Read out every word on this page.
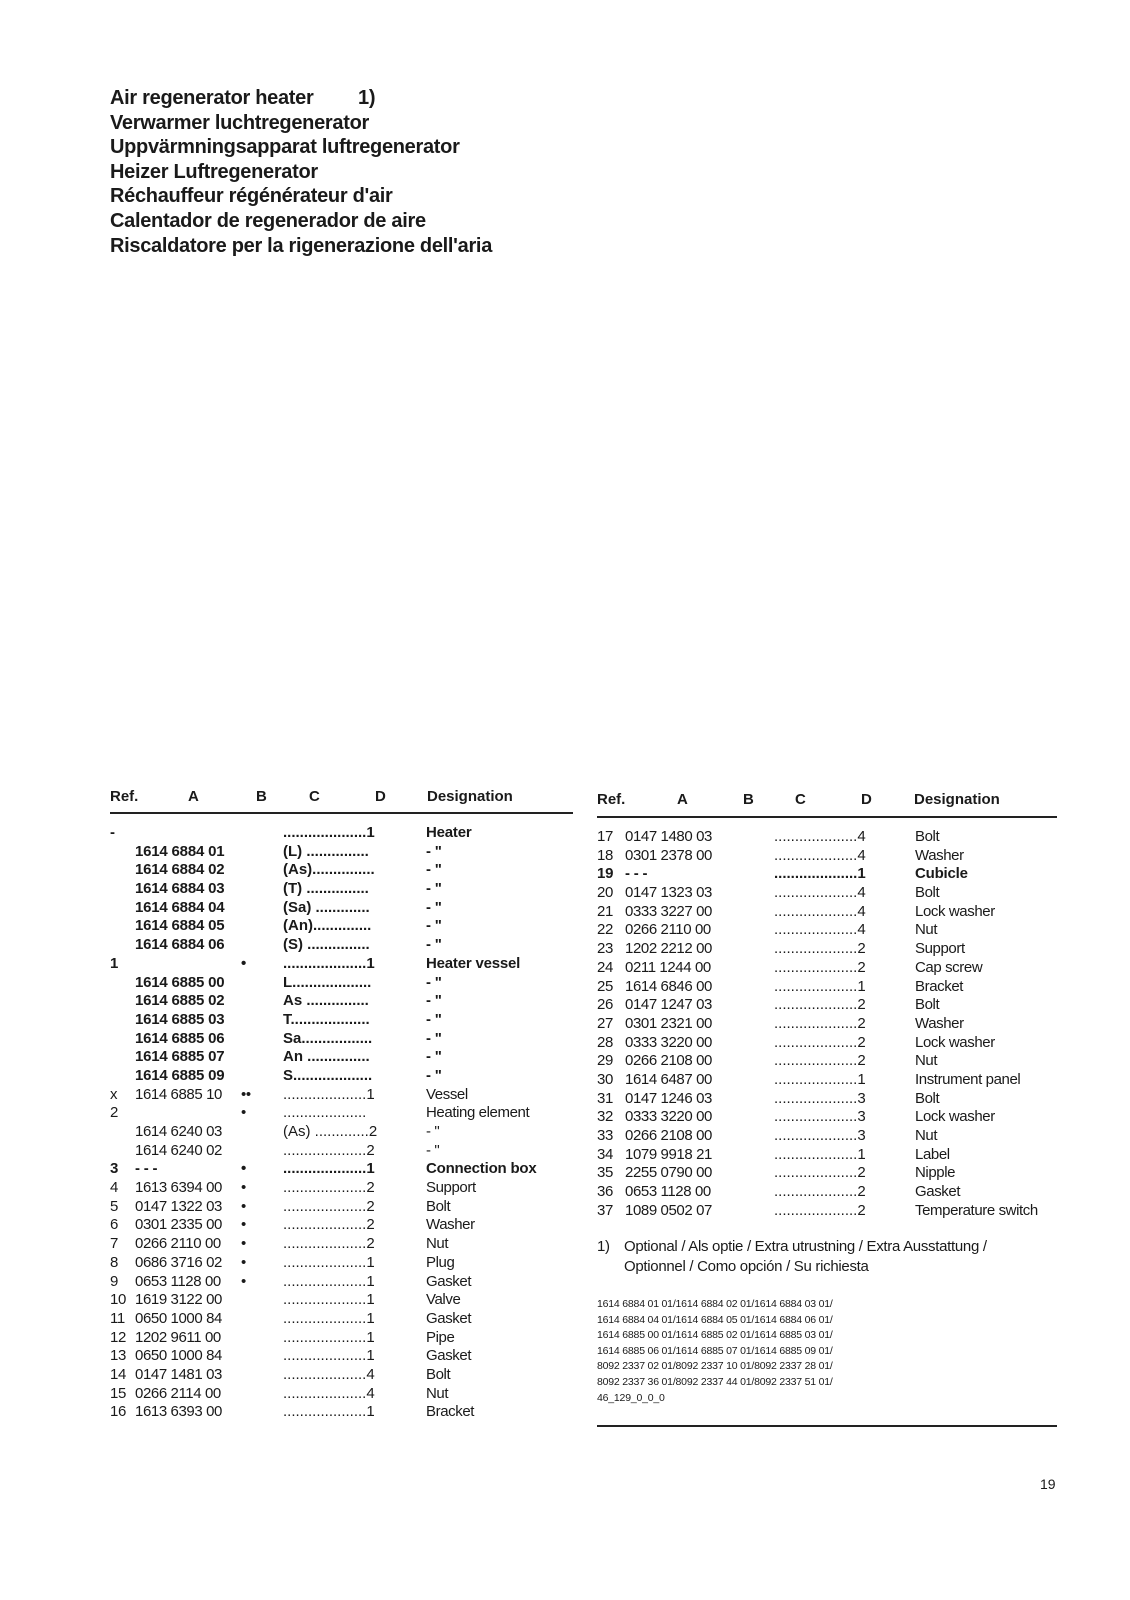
Air regenerator heater	1)
Verwarmer luchtregenerator
Uppvärmningsapparat luftregenerator
Heizer Luftregenerator
Réchauffeur régénérateur d'air
Calentador de regenerador de aire
Riscaldatore per la rigenerazione dell'aria
Ref.	A	B	C	D	Designation
-	....................1	Heater
1614 6884 01	(L) ...............	- "
1614 6884 02	(As)...............	- "
1614 6884 03	(T) ...............	- "
1614 6884 04	(Sa) .............	- "
1614 6884 05	(An)..............	- "
1614 6884 06	(S) ...............	- "
1	• ....................1	Heater vessel
1614 6885 00	L...................	- "
1614 6885 02	As ...............	- "
1614 6885 03	T...................	- "
1614 6885 06	Sa.................	- "
1614 6885 07	An ...............	- "
1614 6885 09	S...................	- "
x 1614 6885 10 •• ....................1	Vessel
2	• ....................	Heating element
1614 6240 03	(As) .............2	- "
1614 6240 02	....................2	- "
3 - - -	• ....................1	Connection box
4 1613 6394 00 • ....................2	Support
5 0147 1322 03 • ....................2	Bolt
6 0301 2335 00 • ....................2	Washer
7 0266 2110 00 • ....................2	Nut
8 0686 3716 02 • ....................1	Plug
9 0653 1128 00 • ....................1	Gasket
10 1619 3122 00	....................1	Valve
11 0650 1000 84	....................1	Gasket
12 1202 9611 00	....................1	Pipe
13 0650 1000 84	....................1	Gasket
14 0147 1481 03	....................4	Bolt
15 0266 2114 00	....................4	Nut
16 1613 6393 00	....................1	Bracket
Ref.	A	B	C	D	Designation
17 0147 1480 03	....................4	Bolt
18 0301 2378 00	....................4	Washer
19 - - -	....................1	Cubicle
20 0147 1323 03	....................4	Bolt
21 0333 3227 00	....................4	Lock washer
22 0266 2110 00	....................4	Nut
23 1202 2212 00	....................2	Support
24 0211 1244 00	....................2	Cap screw
25 1614 6846 00	....................1	Bracket
26 0147 1247 03	....................2	Bolt
27 0301 2321 00	....................2	Washer
28 0333 3220 00	....................2	Lock washer
29 0266 2108 00	....................2	Nut
30 1614 6487 00	....................1	Instrument panel
31 0147 1246 03	....................3	Bolt
32 0333 3220 00	....................3	Lock washer
33 0266 2108 00	....................3	Nut
34 1079 9918 21	....................1	Label
35 2255 0790 00	....................2	Nipple
36 0653 1128 00	....................2	Gasket
37 1089 0502 07	....................2	Temperature switch
1) Optional / Als optie / Extra utrustning / Extra Ausstattung /
Optionnel / Como opción / Su richiesta
1614 6884 01 01/1614 6884 02 01/1614 6884 03 01/
1614 6884 04 01/1614 6884 05 01/1614 6884 06 01/
1614 6885 00 01/1614 6885 02 01/1614 6885 03 01/
1614 6885 06 01/1614 6885 07 01/1614 6885 09 01/
8092 2337 02 01/8092 2337 10 01/8092 2337 28 01/
8092 2337 36 01/8092 2337 44 01/8092 2337 51 01/
46_129_0_0_0
19
